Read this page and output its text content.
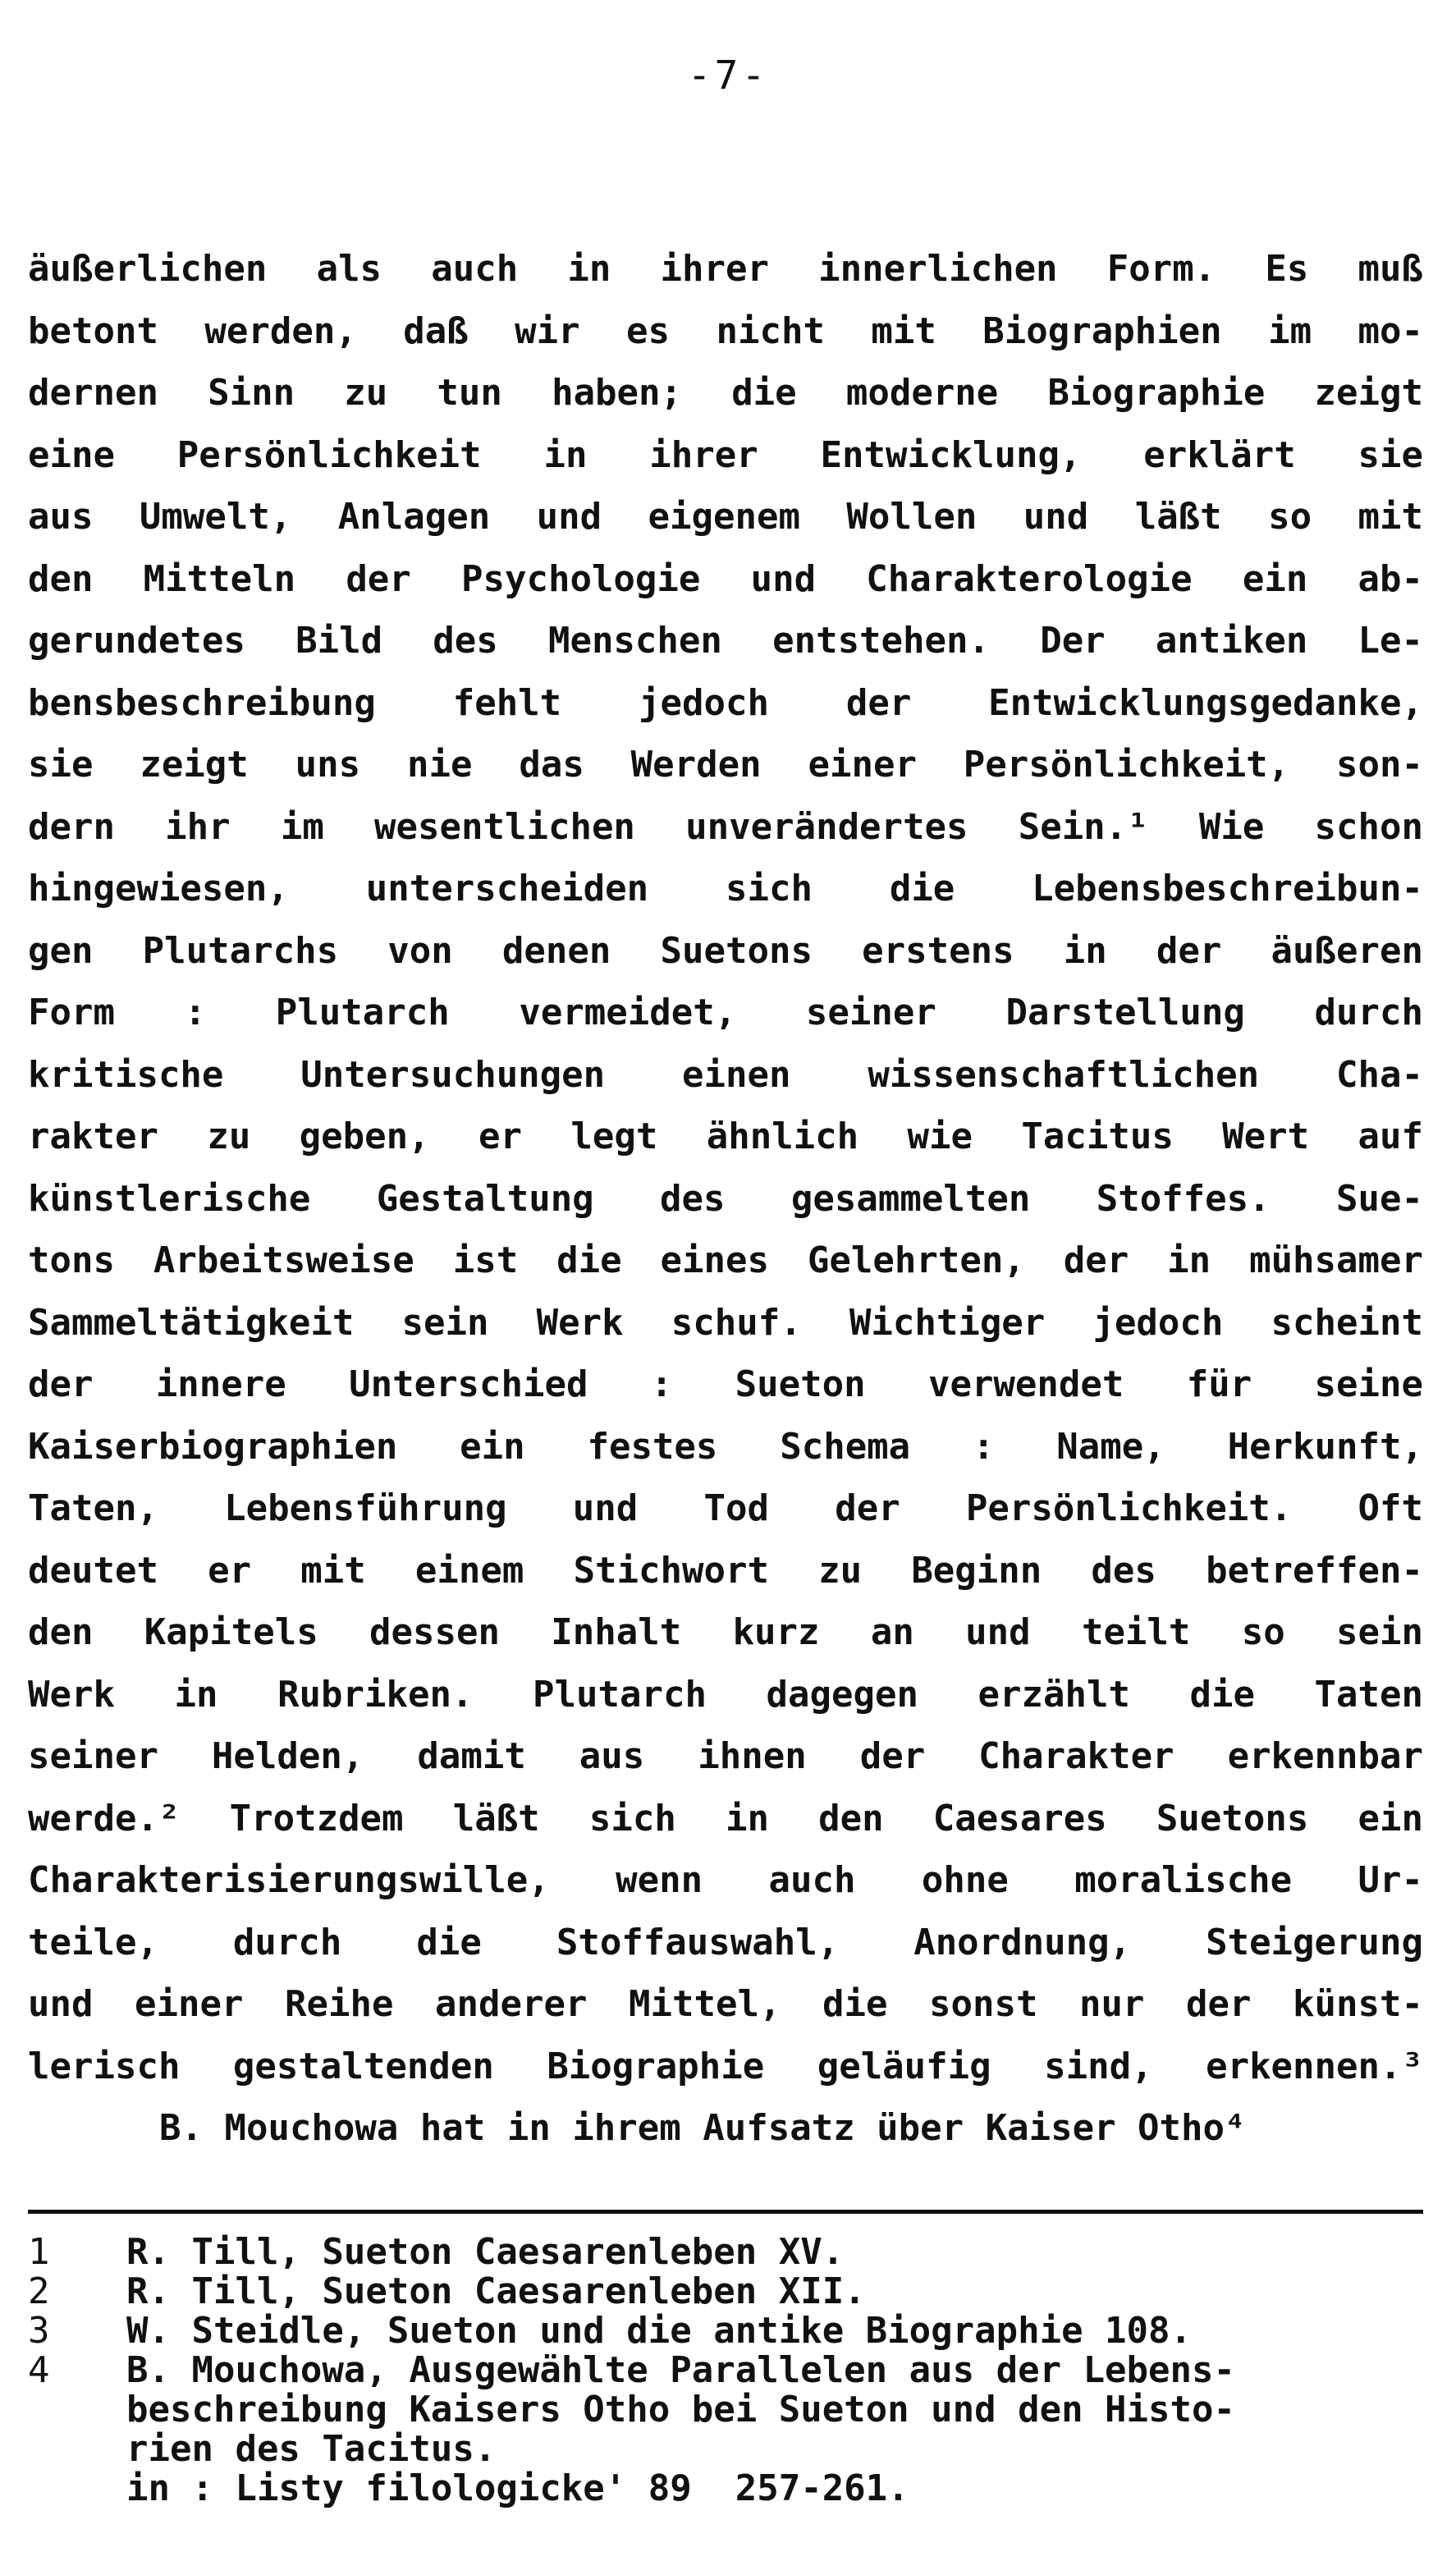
-7-
äußerlichen als auch in ihrer innerlichen Form. Es muß
betont werden, daß wir es nicht mit Biographien im mo-
dernen Sinn zu tun haben; die moderne Biographie zeigt
eine Persönlichkeit in ihrer Entwicklung, erklärt sie
aus Umwelt, Anlagen und eigenem Wollen und läßt so mit
den Mitteln der Psychologie und Charakterologie ein ab-
gerundetes Bild des Menschen entstehen. Der antiken Le-
bensbeschreibung fehlt jedoch der Entwicklungsgedanke,
sie zeigt uns nie das Werden einer Persönlichkeit, son-
dern ihr im wesentlichen unverändertes Sein.¹ Wie schon
hingewiesen, unterscheiden sich die Lebensbeschreibun-
gen Plutarchs von denen Suetons erstens in der äußeren
Form : Plutarch vermeidet, seiner Darstellung durch
kritische Untersuchungen einen wissenschaftlichen Cha-
rakter zu geben, er legt ähnlich wie Tacitus Wert auf
künstlerische Gestaltung des gesammelten Stoffes. Sue-
tons Arbeitsweise ist die eines Gelehrten, der in mühsamer
Sammeltätigkeit sein Werk schuf. Wichtiger jedoch scheint
der innere Unterschied : Sueton verwendet für seine
Kaiserbiographien ein festes Schema : Name, Herkunft,
Taten, Lebensführung und Tod der Persönlichkeit. Oft
deutet er mit einem Stichwort zu Beginn des betreffen-
den Kapitels dessen Inhalt kurz an und teilt so sein
Werk in Rubriken. Plutarch dagegen erzählt die Taten
seiner Helden, damit aus ihnen der Charakter erkennbar
werde.² Trotzdem läßt sich in den Caesares Suetons ein
Charakterisierungswille, wenn auch ohne moralische Ur-
teile, durch die Stoffauswahl, Anordnung, Steigerung
und einer Reihe anderer Mittel, die sonst nur der künst-
lerisch gestaltenden Biographie geläufig sind, erkennen.³
B. Mouchowa hat in ihrem Aufsatz über Kaiser Otho⁴
1	R. Till, Sueton Caesarenleben XV.
2	R. Till, Sueton Caesarenleben XII.
3	W. Steidle, Sueton und die antike Biographie 108.
4	B. Mouchowa, Ausgewählte Parallelen aus der Lebens-
beschreibung Kaisers Otho bei Sueton und den Histo-
rien des Tacitus.
in : Listy filologicke' 89  257-261.
